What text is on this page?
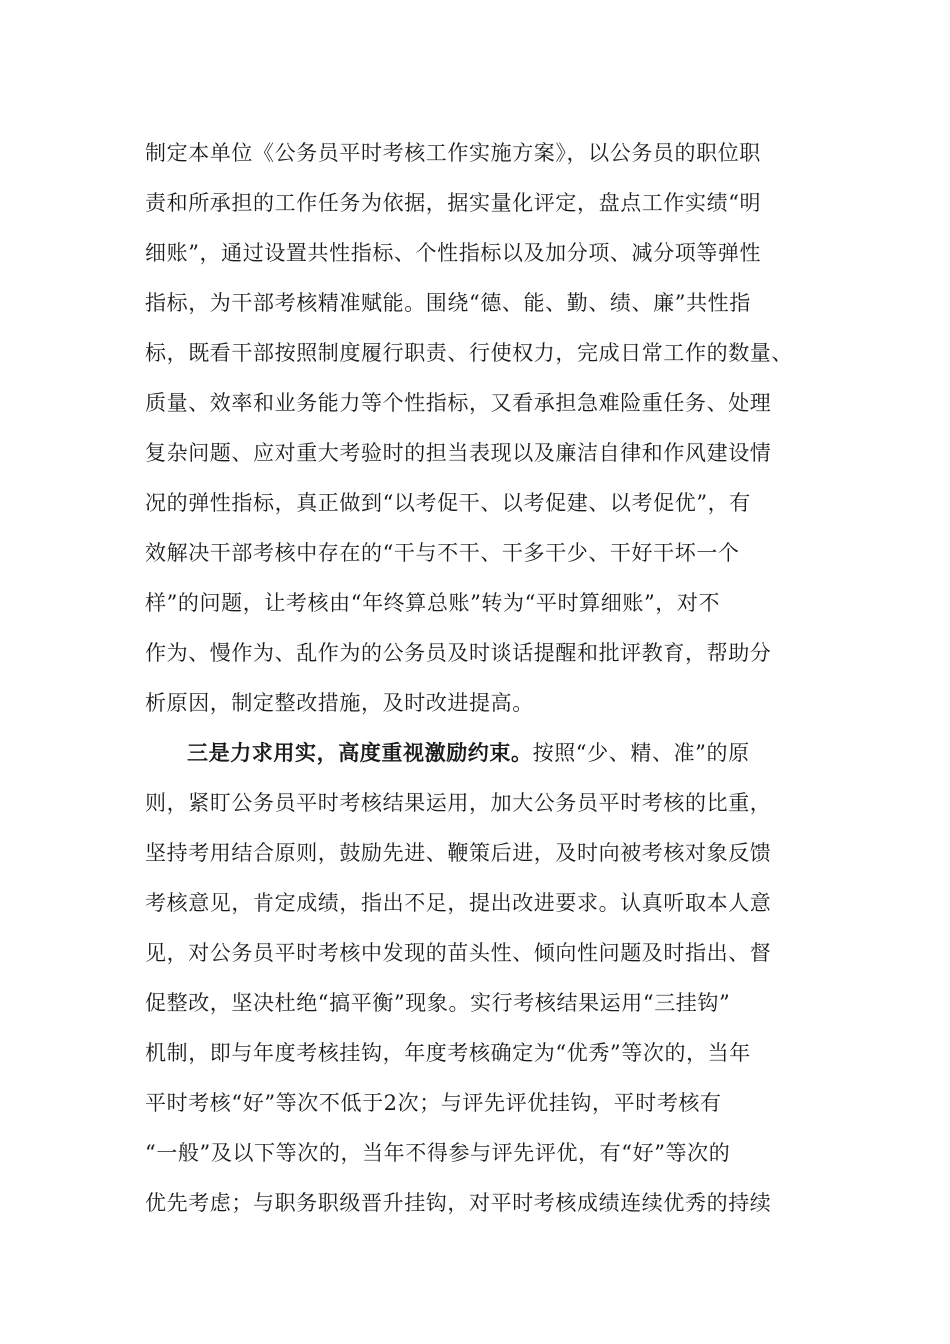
制定本单位《公务员平时考核工作实施方案》，以公务员的职位职
责和所承担的工作任务为依据，据实量化评定，盘点工作实绩“明
细账”，通过设置共性指标、个性指标以及加分项、减分项等弹性
指标，为干部考核精准赋能。围绕“德、能、勤、绩、廉”共性指
标，既看干部按照制度履行职责、行使权力，完成日常工作的数量、
质量、效率和业务能力等个性指标，又看承担急难险重任务、处理
复杂问题、应对重大考验时的担当表现以及廉洁自律和作风建设情
况的弹性指标，真正做到“以考促干、以考促建、以考促优”，有
效解决干部考核中存在的“干与不干、干多干少、干好干坏一个
样”的问题，让考核由“年终算总账”转为“平时算细账”，对不
作为、慢作为、乱作为的公务员及时谈话提醒和批评教育，帮助分
析原因，制定整改措施，及时改进提高。
三是力求用实，高度重视激励约束。按照“少、精、准”的原
则，紧盯公务员平时考核结果运用，加大公务员平时考核的比重，
坚持考用结合原则，鼓励先进、鞭策后进，及时向被考核对象反馈
考核意见，肯定成绩，指出不足，提出改进要求。认真听取本人意
见，对公务员平时考核中发现的苗头性、倾向性问题及时指出、督
促整改，坚决杜绝“搞平衡”现象。实行考核结果运用“三挂钩”
机制，即与年度考核挂钩，年度考核确定为“优秀”等次的，当年
平时考核“好”等次不低于2次；与评先评优挂钩，平时考核有
“一般”及以下等次的，当年不得参与评先评优，有“好”等次的
优先考虑；与职务职级晋升挂钩，对平时考核成绩连续优秀的持续
